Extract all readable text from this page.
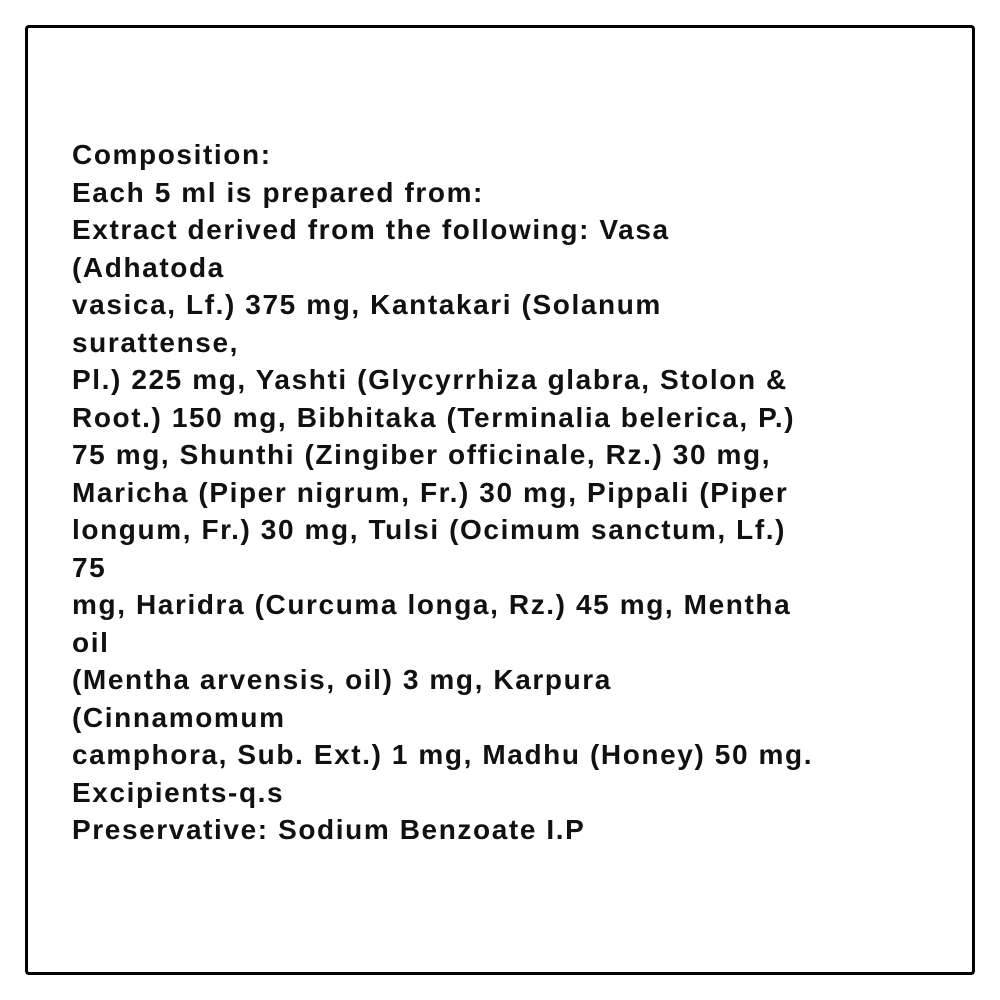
Composition:
Each 5 ml is prepared from:
Extract derived from the following: Vasa
(Adhatoda
vasica, Lf.) 375 mg, Kantakari (Solanum
surattense,
Pl.) 225 mg, Yashti (Glycyrrhiza glabra, Stolon &
Root.) 150 mg, Bibhitaka (Terminalia belerica, P.)
75 mg, Shunthi (Zingiber officinale, Rz.) 30 mg,
Maricha (Piper nigrum, Fr.) 30 mg, Pippali (Piper
longum, Fr.) 30 mg, Tulsi (Ocimum sanctum, Lf.)
75
mg, Haridra (Curcuma longa, Rz.) 45 mg, Mentha
oil
(Mentha arvensis, oil) 3 mg, Karpura
(Cinnamomum
camphora, Sub. Ext.) 1 mg, Madhu (Honey) 50 mg.
Excipients-q.s
Preservative: Sodium Benzoate I.P
